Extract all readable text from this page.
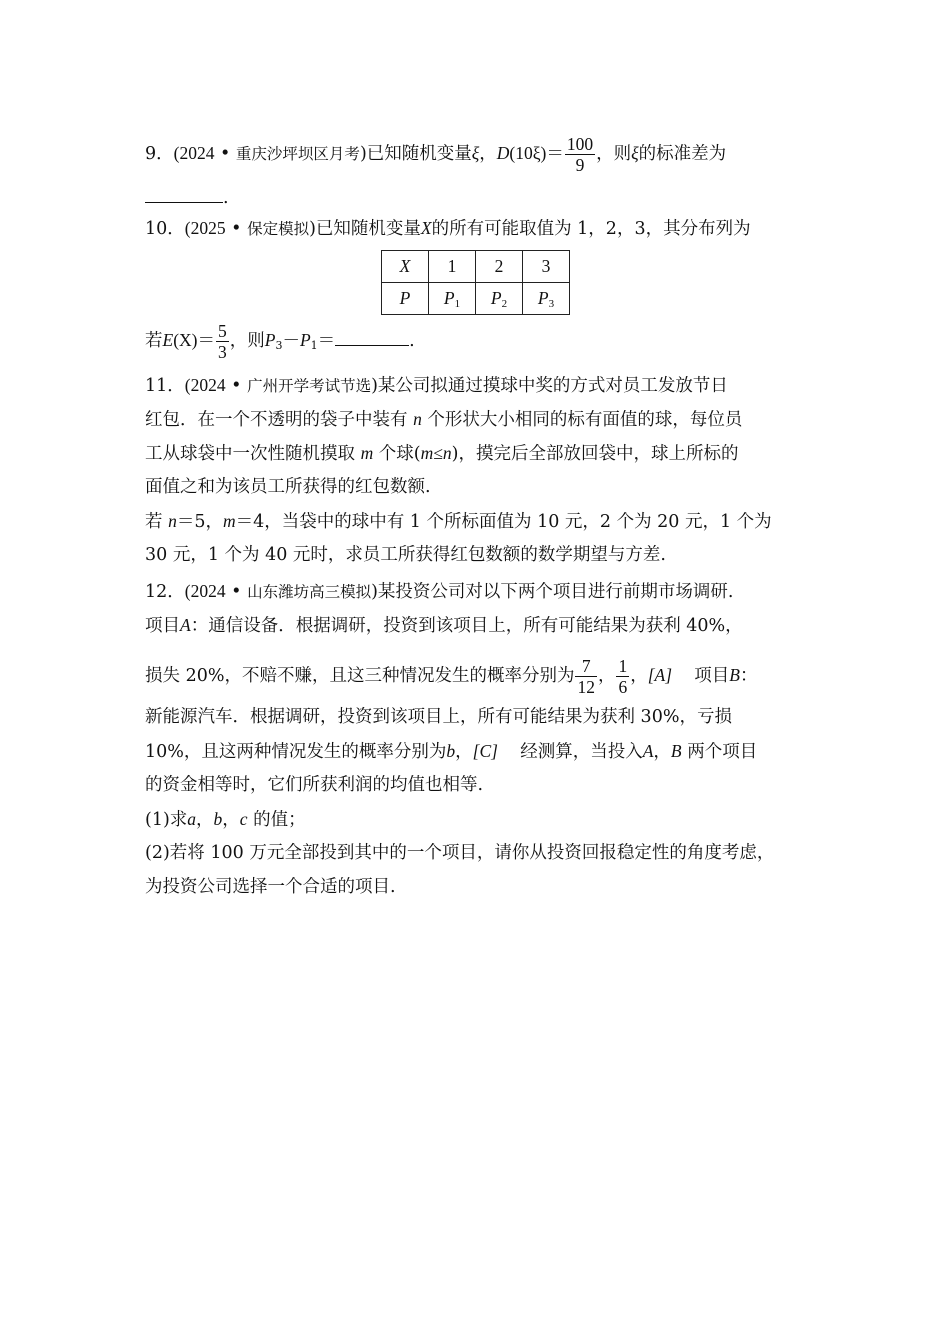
9．(2024 • 重庆沙坪坝区月考)已知随机变量ξ，$D(10\xi)= \frac{100}{9}$ ，则ξ的标准差为
.
10．(2025 • 保定模拟)已知随机变量X的所有可能取值为 1，2，3，其分布列为
X	1	2	3
P	$P_1$	$P_2$	$P_3$
若$E(X)= \frac{5}{3}$ ，则$P_3-P_1=$	.
11．(2024 • 广州开学考试节选)某公司拟通过摸球中奖的方式对员工发放节日
红包．在一个不透明的袋子中装有 n 个形状大小相同的标有面值的球，每位员
工从球袋中一次性随机摸取 m 个球(m≤n)，摸完后全部放回袋中，球上所标的
面值之和为该员工所获得的红包数额.
若 n＝5，m＝4，当袋中的球中有 1 个所标面值为 10 元，2 个为 20 元，1 个为
30 元，1 个为 40 元时，求员工所获得红包数额的数学期望与方差.
12．(2024 • 山东潍坊高三模拟)某投资公司对以下两个项目进行前期市场调研.
项目A：通信设备．根据调研，投资到该项目上，所有可能结果为获利 40%，
损失 20%，不赔不赚，且这三种情况发生的概率分别为 $\frac{7}{12}$ ， $\frac{1}{6}$ ，[A] 项目B：
新能源汽车．根据调研，投资到该项目上，所有可能结果为获利 30%，亏损
10%，且这两种情况发生的概率分别为b，[C] 经测算，当投入A，B 两个项目
的资金相等时，它们所获利润的均值也相等.
(1)求a，b，c 的值；
(2)若将 100 万元全部投到其中的一个项目，请你从投资回报稳定性的角度考虑，
为投资公司选择一个合适的项目.
